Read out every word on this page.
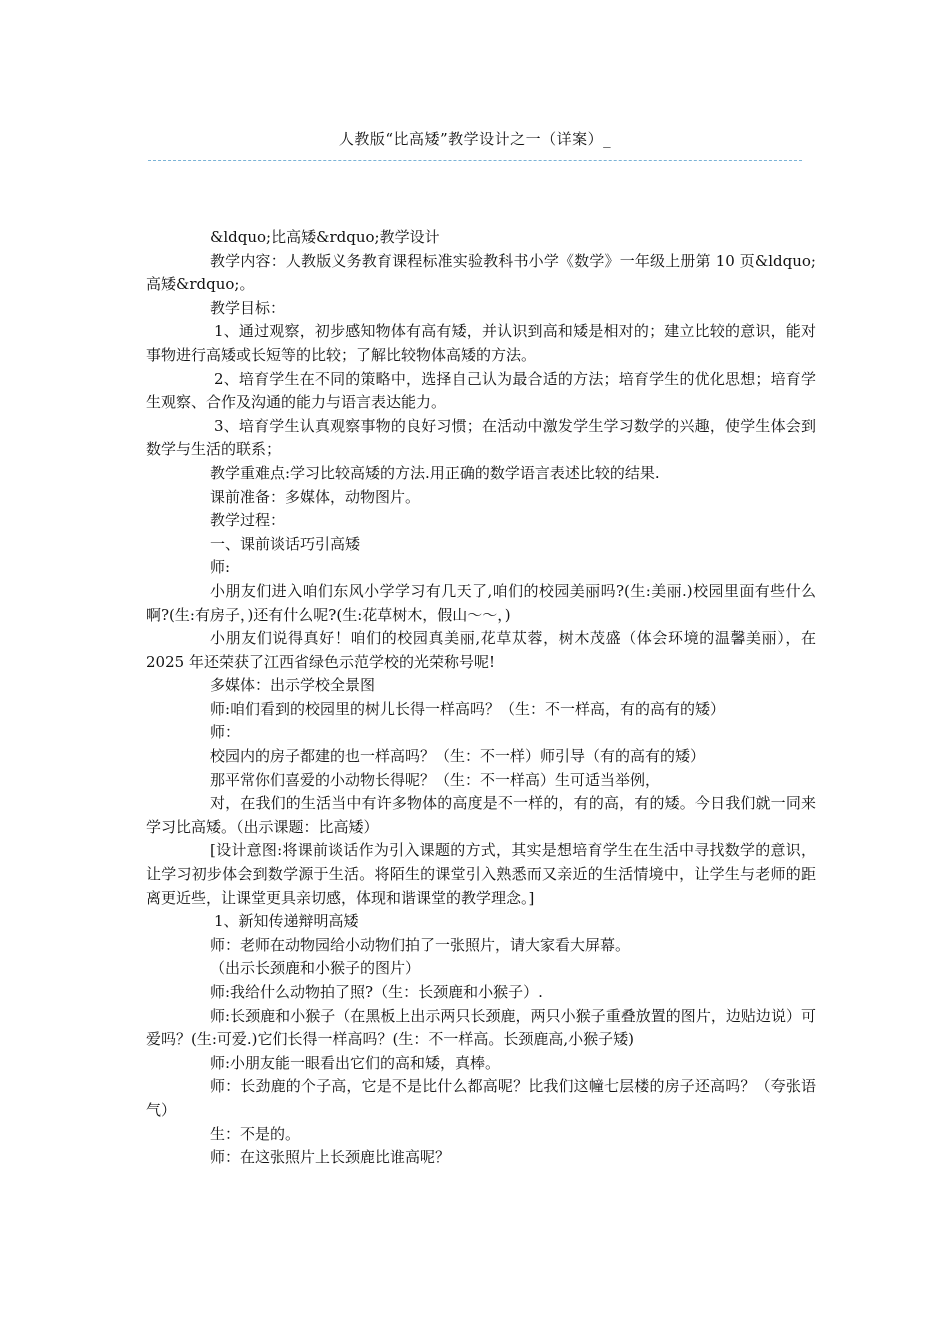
人教版“比高矮”教学设计之一（详案）_

&ldquo;比高矮&rdquo;教学设计

教学内容：人教版义务教育课程标准实验教科书小学《数学》一年级上册第 10 页&ldquo;高矮&rdquo;。

教学目标：

1、通过观察，初步感知物体有高有矮，并认识到高和矮是相对的；建立比较的意识，能对事物进行高矮或长短等的比较；了解比较物体高矮的方法。

2、培育学生在不同的策略中，选择自己认为最合适的方法；培育学生的优化思想；培育学生观察、合作及沟通的能力与语言表达能力。

3、培育学生认真观察事物的良好习惯；在活动中激发学生学习数学的兴趣，使学生体会到数学与生活的联系；

教学重难点:学习比较高矮的方法.用正确的数学语言表述比较的结果.

课前准备：多媒体，动物图片。

教学过程：

一、课前谈话巧引高矮

师:

小朋友们进入咱们东风小学学习有几天了,咱们的校园美丽吗?(生:美丽.)校园里面有些什么啊?(生:有房子，)还有什么呢?(生:花草树木，假山～～，)

小朋友们说得真好！咱们的校园真美丽,花草苁蓉，树木茂盛（体会环境的温馨美丽），在 2025 年还荣获了江西省绿色示范学校的光荣称号呢!

多媒体：出示学校全景图

师:咱们看到的校园里的树儿长得一样高吗？（生：不一样高，有的高有的矮）

师：

校园内的房子都建的也一样高吗？（生：不一样）师引导（有的高有的矮）

那平常你们喜爱的小动物长得呢？（生：不一样高）生可适当举例，

对，在我们的生活当中有许多物体的高度是不一样的，有的高，有的矮。今日我们就一同来学习比高矮。（出示课题：比高矮）

[设计意图:将课前谈话作为引入课题的方式，其实是想培育学生在生活中寻找数学的意识，让学习初步体会到数学源于生活。将陌生的课堂引入熟悉而又亲近的生活情境中，让学生与老师的距离更近些，让课堂更具亲切感，体现和谐课堂的教学理念。]

1、新知传递辩明高矮

师：老师在动物园给小动物们拍了一张照片，请大家看大屏幕。

（出示长颈鹿和小猴子的图片）

师:我给什么动物拍了照?（生：长颈鹿和小猴子）.

师:长颈鹿和小猴子（在黑板上出示两只长颈鹿，两只小猴子重叠放置的图片，边贴边说）可爱吗？(生:可爱.)它们长得一样高吗？(生：不一样高。长颈鹿高,小猴子矮)

师:小朋友能一眼看出它们的高和矮，真棒。

师：长劲鹿的个子高，它是不是比什么都高呢？比我们这幢七层楼的房子还高吗？（夸张语气）

生：不是的。

师：在这张照片上长颈鹿比谁高呢？
